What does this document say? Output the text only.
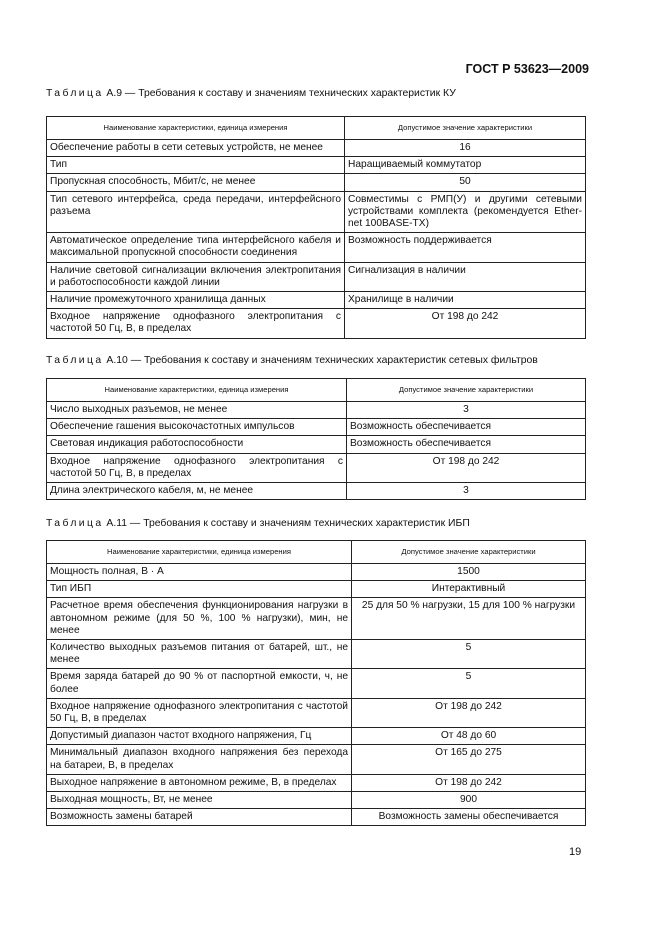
ГОСТ Р 53623—2009
Таблица А.9 — Требования к составу и значениям технических характеристик КУ
Наименование характеристики, единица измерения	Допустимое значение характеристики
Обеспечение работы в сети сетевых устройств, не менее	16
Тип	Наращиваемый коммутатор
Пропускная способность, Мбит/с, не менее	50
Тип сетевого интерфейса, среда передачи, интерфейсного разъема	Совместимы с РМП(У) и другими сетевыми устройствами комплекта (рекомендуется Ether-net 100BASE-TX)
Автоматическое определение типа интерфейсного кабеля и максимальной пропускной способности соединения	Возможность поддерживается
Наличие световой сигнализации включения электропитания и работоспособности каждой линии	Сигнализация в наличии
Наличие промежуточного хранилища данных	Хранилище в наличии
Входное напряжение однофазного электропитания с частотой 50 Гц, В, в пределах	От 198 до 242
Таблица А.10 — Требования к составу и значениям технических характеристик сетевых фильтров
Наименование характеристики, единица измерения	Допустимое значение характеристики
Число выходных разъемов, не менее	3
Обеспечение гашения высокочастотных импульсов	Возможность обеспечивается
Световая индикация работоспособности	Возможность обеспечивается
Входное напряжение однофазного электропитания с частотой 50 Гц, В, в пределах	От 198 до 242
Длина электрического кабеля, м, не менее	3
Таблица А.11 — Требования к составу и значениям технических характеристик ИБП
Наименование характеристики, единица измерения	Допустимое значение характеристики
Мощность полная, В · А	1500
Тип ИБП	Интерактивный
Расчетное время обеспечения функционирования нагрузки в автономном режиме (для 50 %, 100 % нагрузки), мин, не менее	25 для 50 % нагрузки, 15 для 100 % нагрузки
Количество выходных разъемов питания от батарей, шт., не менее	5
Время заряда батарей до 90 % от паспортной емкости, ч, не более	5
Входное напряжение однофазного электропитания с частотой 50 Гц, В, в пределах	От 198 до 242
Допустимый диапазон частот входного напряжения, Гц	От 48 до 60
Минимальный диапазон входного напряжения без перехода на батареи, В, в пределах	От 165 до 275
Выходное напряжение в автономном режиме, В, в пределах	От 198 до 242
Выходная мощность, Вт, не менее	900
Возможность замены батарей	Возможность замены обеспечивается
19
